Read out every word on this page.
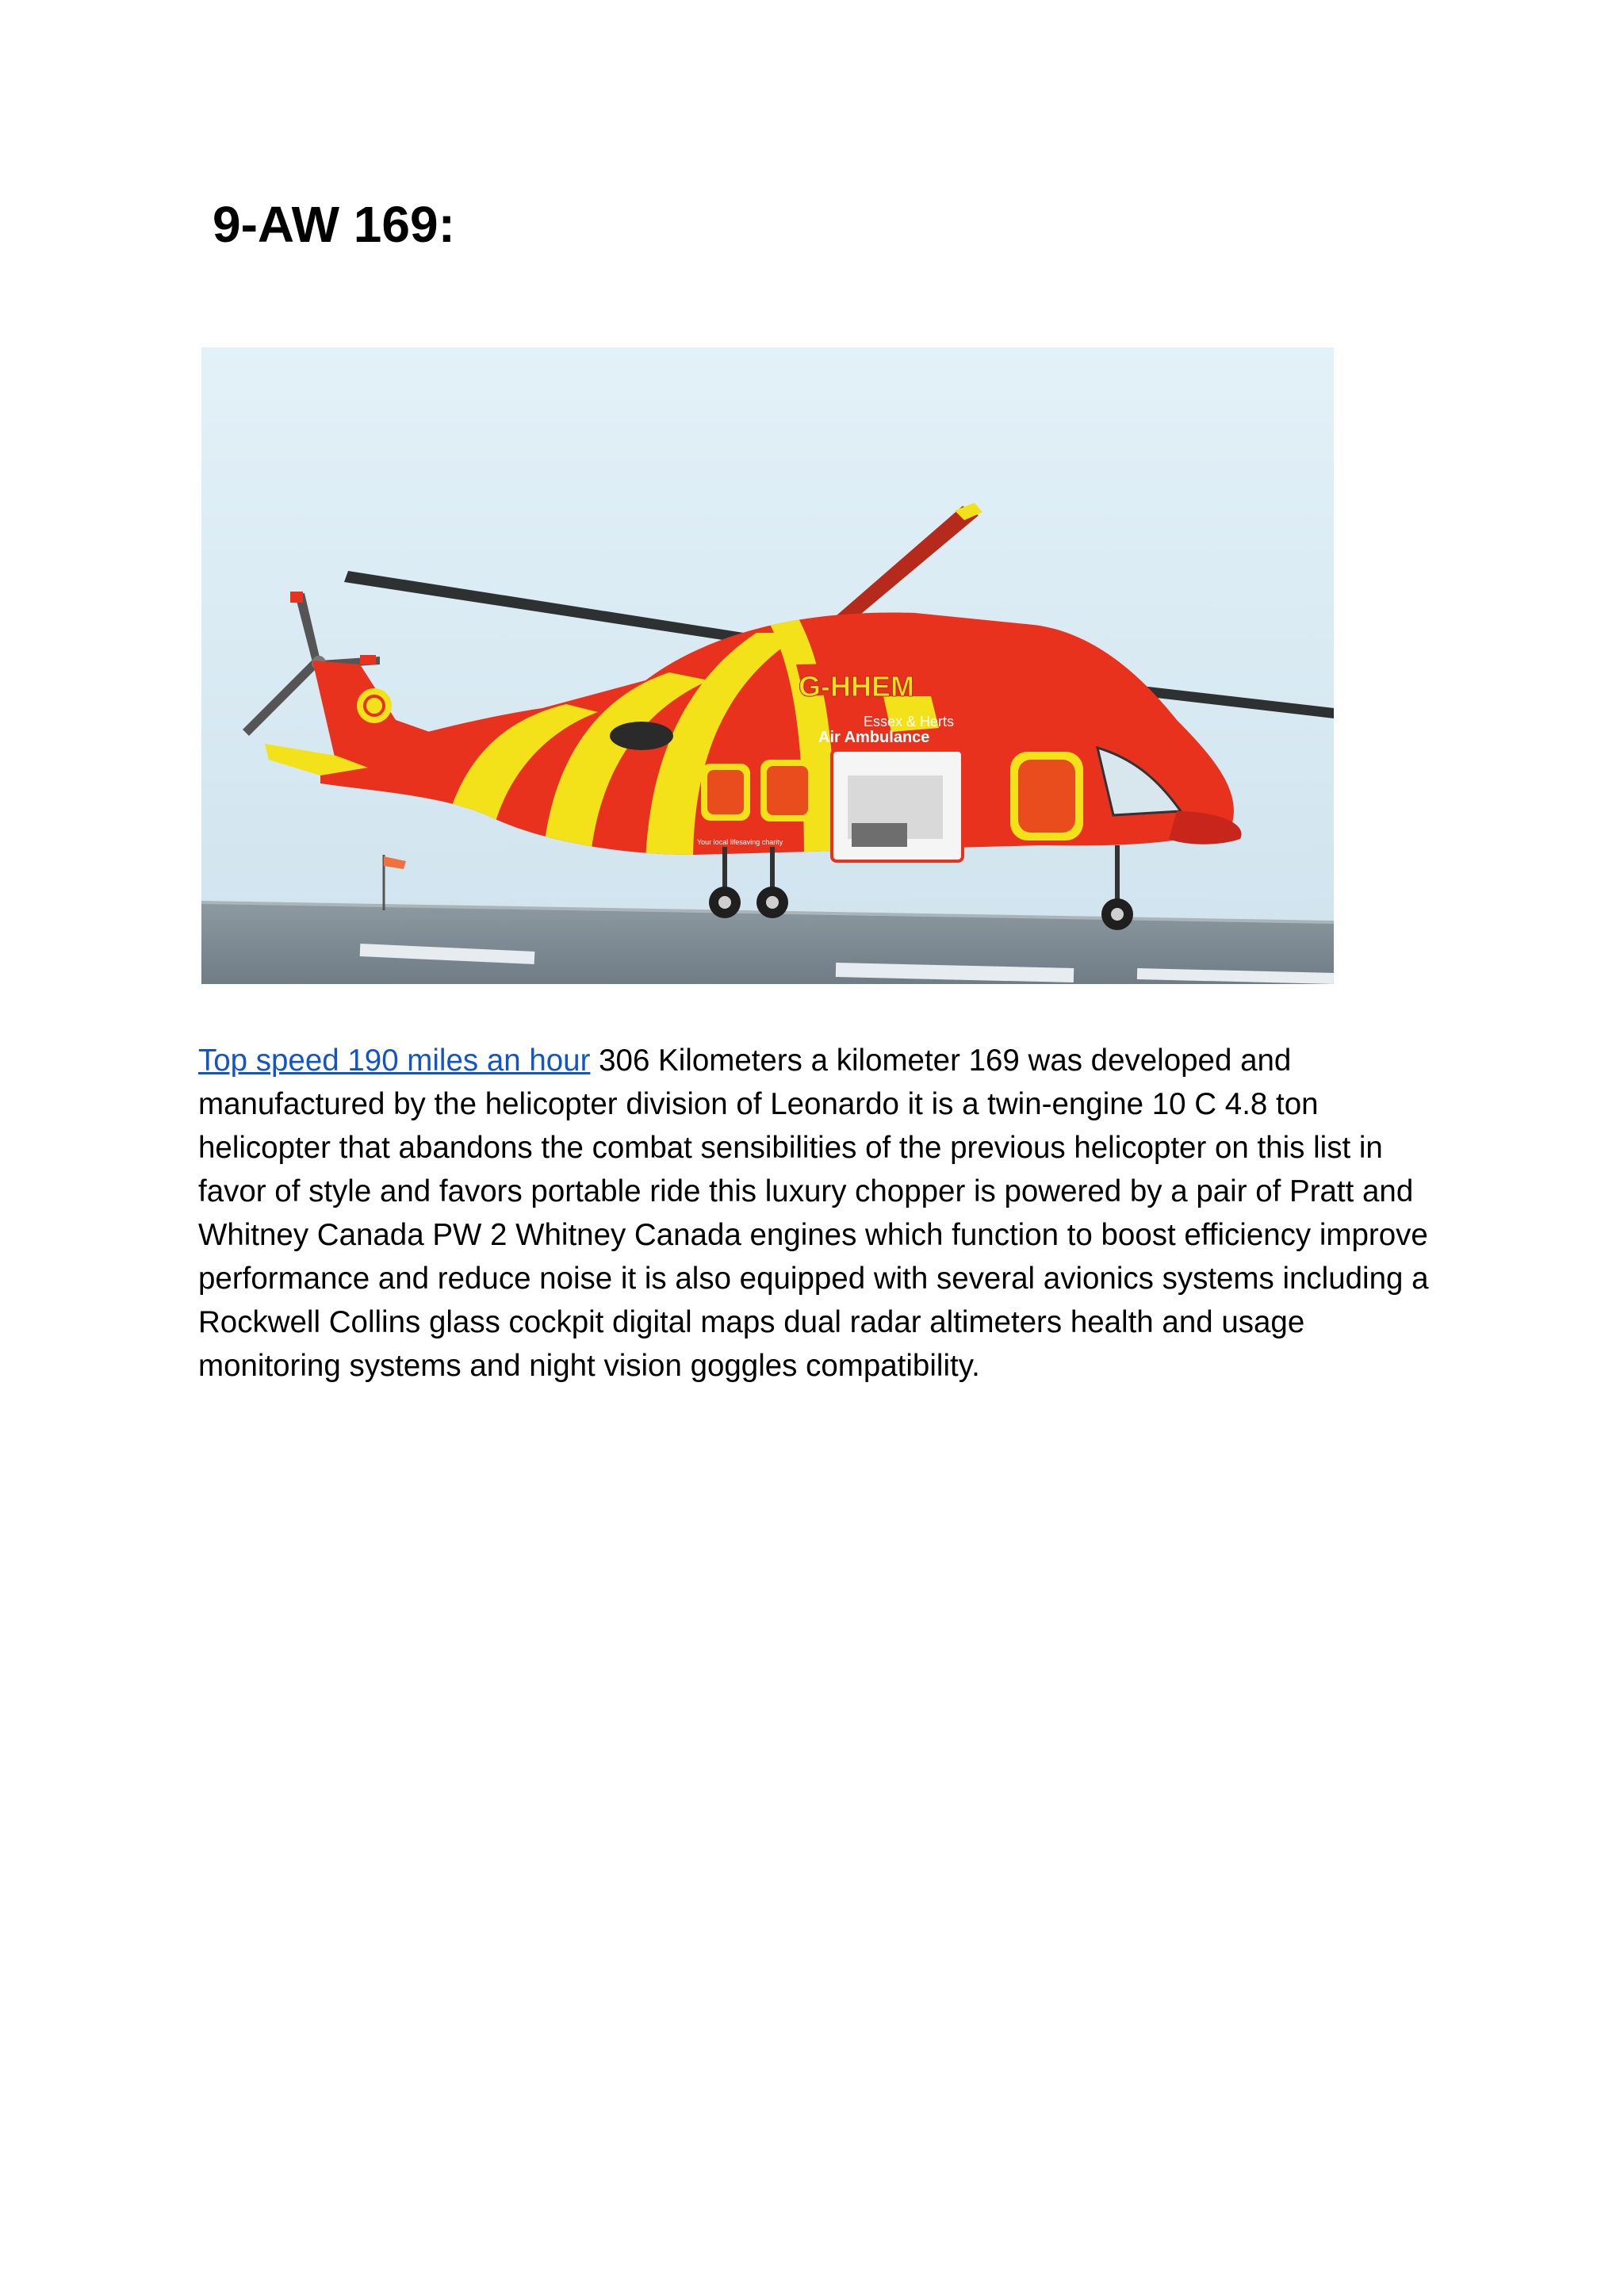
9-AW 169:
G-HHEM
Essex & Herts
Air Ambulance
Your local lifesaving charity

Top speed 190 miles an hour 306 Kilometers a kilometer 169 was developed and manufactured by the helicopter division of Leonardo it is a twin-engine 10 C 4.8 ton helicopter that abandons the combat sensibilities of the previous helicopter on this list in favor of style and favors portable ride this luxury chopper is powered by a pair of Pratt and Whitney Canada PW 2 Whitney Canada engines which function to boost efficiency improve performance and reduce noise it is also equipped with several avionics systems including a Rockwell Collins glass cockpit digital maps dual radar altimeters health and usage monitoring systems and night vision goggles compatibility.
